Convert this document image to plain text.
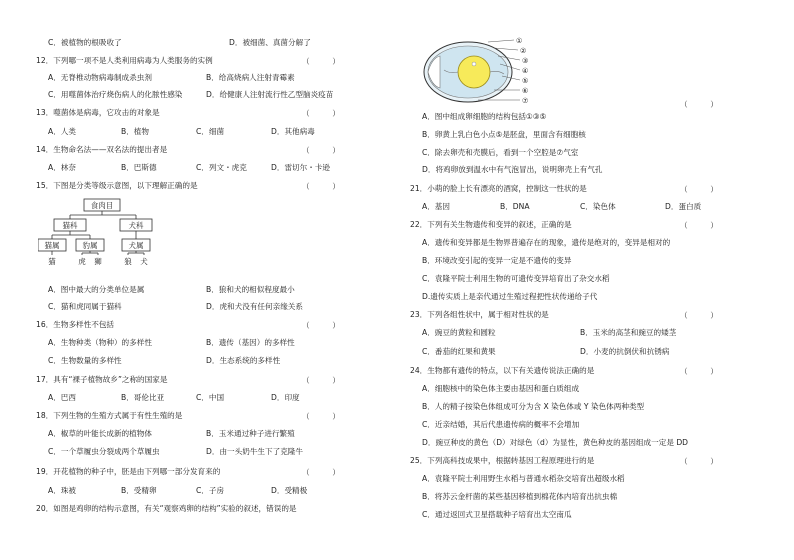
C．被植物的根吸收了	D．被细菌、真菌分解了
12．下列哪一项不是人类利用病毒为人类服务的实例	（　　　）
A．无脊椎动物病毒制成杀虫剂	B．给高烧病人注射青霉素
C．用噬菌体治疗烧伤病人的化脓性感染	D．给健康人注射流行性乙型脑炎疫苗
13．噬菌体是病毒，它攻击的对象是	（　　　）
A．人类	B．植物	C．细菌	D．其他病毒
14．生物命名法——双名法的提出者是	（　　　）
A．林奈	B．巴斯德	C．列文・虎克	D．雷切尔・卡逊
15．下图是分类等级示意图，以下理解正确的是	（　　　）
食肉目
猫科	犬科
猫属	豹属	犬属
猫	虎 狮	狼 犬
A．图中最大的分类单位是属	B．狼和犬的相似程度最小
C．猫和虎同属于猫科	D．虎和犬没有任何亲缘关系
16．生物多样性不包括	（　　　）
A．生物种类（物种）的多样性	B．遗传（基因）的多样性
C．生物数量的多样性	D．生态系统的多样性
17．具有“裸子植物故乡”之称的国家是	（　　　）
A．巴西	B．哥伦比亚	C．中国	D．印度
18．下列生物的生殖方式属于有性生殖的是	（　　　）
A．椒草的叶能长成新的植物体	B．玉米通过种子进行繁殖
C．一个草履虫分裂成两个草履虫	D．由一头奶牛生下了克隆牛
19．开花植物的种子中，胚是由下列哪一部分发育来的	（　　　）
A．珠被	B．受精卵	C．子房	D．受精极
20．如图是鸡卵的结构示意图，有关“观察鸡卵的结构”实验的叙述，错误的是
①
②
③
④
⑤
⑥
⑦	（　　　）
A．图中组成卵细胞的结构包括①③⑤
B．卵黄上乳白色小点⑤是胚盘，里面含有细胞核
C．除去卵壳和壳膜后，看到一个空腔是⑦气室
D．将鸡卵放到温水中有气泡冒出，说明卵壳上有气孔
21．小萌的脸上长有漂亮的酒窝，控制这一性状的是	（　　　）
A．基因	B．DNA	C．染色体	D．蛋白质
22．下列有关生物遗传和变异的叙述，正确的是	（　　　）
A．遗传和变异都是生物界普遍存在的现象，遗传是绝对的，变异是相对的
B．环境改变引起的变异一定是不遗传的变异
C．袁隆平院士利用生物的可遗传变异培育出了杂交水稻
D.遗传实质上是亲代通过生殖过程把性状传递给子代
23．下列各组性状中，属于相对性状的是	（　　　）
A．豌豆的黄粒和圆粒	B．玉米的高茎和豌豆的矮茎
C．番茄的红果和黄果	D．小麦的抗倒伏和抗锈病
24．生物都有遗传的特点，以下有关遗传说法正确的是	（　　　）
A．细胞核中的染色体主要由基因和蛋白质组成
B．人的精子按染色体组成可分为含 X 染色体或 Y 染色体两种类型
C．近亲结婚，其后代患遗传病的概率不会增加
D．豌豆种皮的黄色（D）对绿色（d）为显性，黄色种皮的基因组成一定是 DD
25．下列高科技成果中，根据转基因工程原理进行的是	（　　　）
A．袁隆平院士利用野生水稻与普通水稻杂交培育出超级水稻
B．将苏云金杆菌的某些基因移植到棉花体内培育出抗虫棉
C．通过返回式卫星搭载种子培育出太空南瓜
